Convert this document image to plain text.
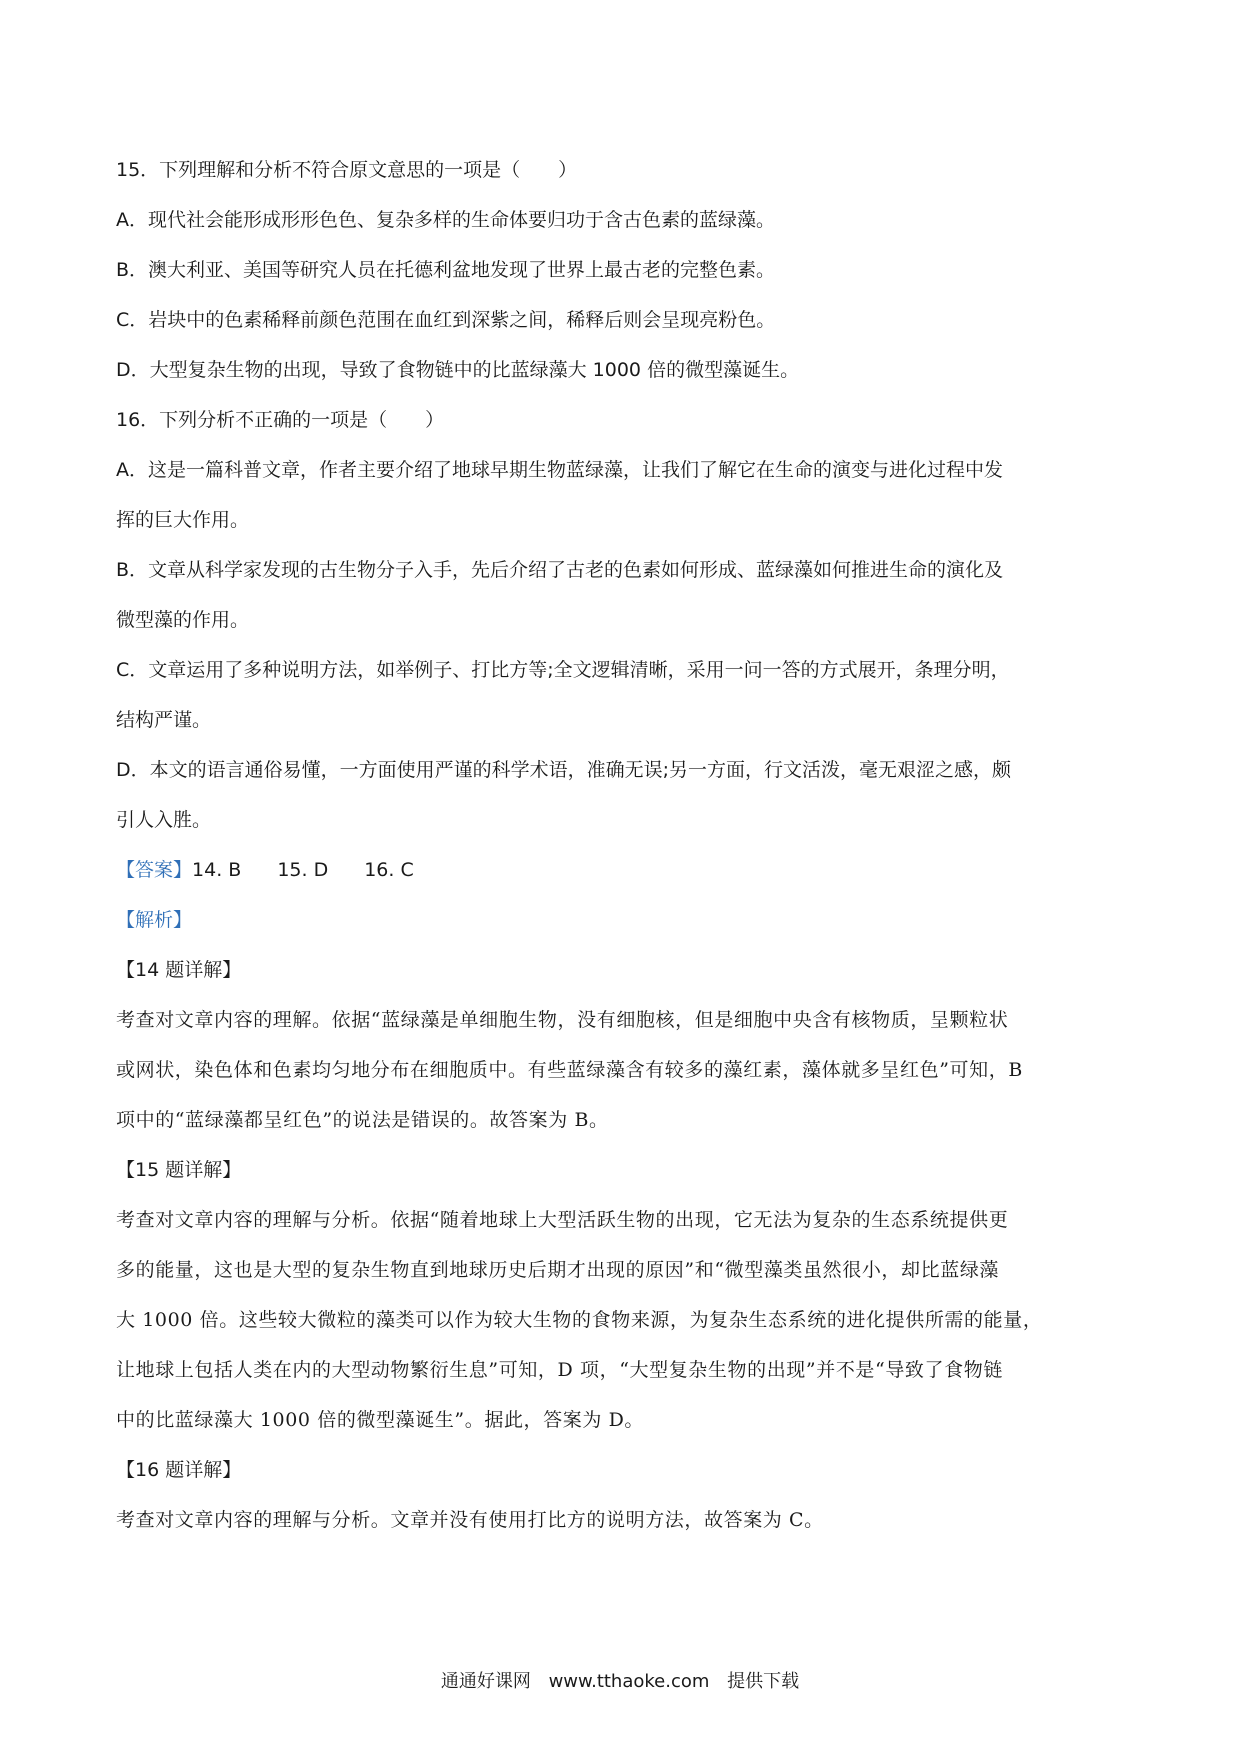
15．下列理解和分析不符合原文意思的一项是（　　）

A．现代社会能形成形形色色、复杂多样的生命体要归功于含古色素的蓝绿藻。

B．澳大利亚、美国等研究人员在托德利盆地发现了世界上最古老的完整色素。

C．岩块中的色素稀释前颜色范围在血红到深紫之间，稀释后则会呈现亮粉色。

D．大型复杂生物的出现，导致了食物链中的比蓝绿藻大 1000 倍的微型藻诞生。

16．下列分析不正确的一项是（　　）

A．这是一篇科普文章，作者主要介绍了地球早期生物蓝绿藻，让我们了解它在生命的演变与进化过程中发

挥的巨大作用。

B．文章从科学家发现的古生物分子入手，先后介绍了古老的色素如何形成、蓝绿藻如何推进生命的演化及

微型藻的作用。

C．文章运用了多种说明方法，如举例子、打比方等;全文逻辑清晰，采用一问一答的方式展开，条理分明，

结构严谨。

D．本文的语言通俗易懂，一方面使用严谨的科学术语，准确无误;另一方面，行文活泼，毫无艰涩之感，颇

引人入胜。

【答案】14. B 15. D 16. C

【解析】

【14 题详解】

考查对文章内容的理解。依据“蓝绿藻是单细胞生物，没有细胞核，但是细胞中央含有核物质，呈颗粒状

或网状，染色体和色素均匀地分布在细胞质中。有些蓝绿藻含有较多的藻红素，藻体就多呈红色”可知，B

项中的“蓝绿藻都呈红色”的说法是错误的。故答案为 B。

【15 题详解】

考查对文章内容的理解与分析。依据“随着地球上大型活跃生物的出现，它无法为复杂的生态系统提供更

多的能量，这也是大型的复杂生物直到地球历史后期才出现的原因”和“微型藻类虽然很小，却比蓝绿藻

大 1000 倍。这些较大微粒的藻类可以作为较大生物的食物来源，为复杂生态系统的进化提供所需的能量，

让地球上包括人类在内的大型动物繁衍生息”可知，D 项，“大型复杂生物的出现”并不是“导致了食物链

中的比蓝绿藻大 1000 倍的微型藻诞生”。据此，答案为 D。

【16 题详解】

考查对文章内容的理解与分析。文章并没有使用打比方的说明方法，故答案为 C。

通通好课网 www.tthaoke.com 提供下载
